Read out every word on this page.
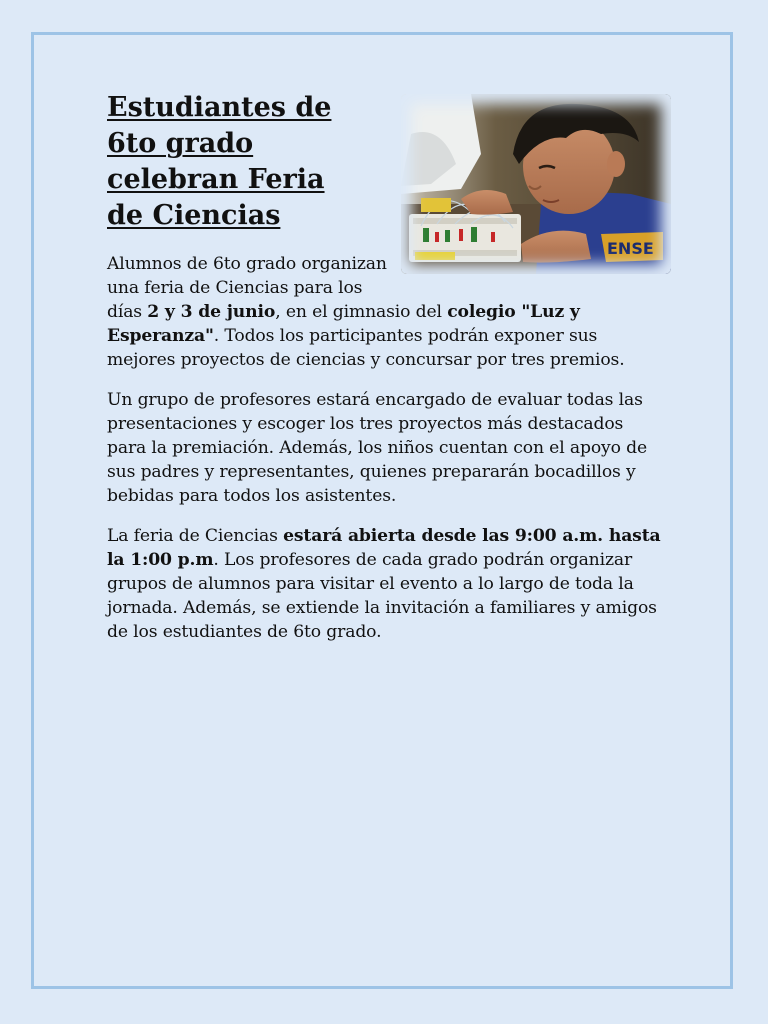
ENSE
Estudiantes de 6to grado celebran Feria de Ciencias

Alumnos de 6to grado organizan una feria de Ciencias para los días 2 y 3 de junio, en el gimnasio del colegio "Luz y Esperanza". Todos los participantes podrán exponer sus mejores proyectos de ciencias y concursar por tres premios.

Un grupo de profesores estará encargado de evaluar todas las presentaciones y escoger los tres proyectos más destacados para la premiación. Además, los niños cuentan con el apoyo de sus padres y representantes, quienes prepararán bocadillos y bebidas para todos los asistentes.

La feria de Ciencias estará abierta desde las 9:00 a.m. hasta la 1:00 p.m. Los profesores de cada grado podrán organizar grupos de alumnos para visitar el evento a lo largo de toda la jornada. Además, se extiende la invitación a familiares y amigos de los estudiantes de 6to grado.
